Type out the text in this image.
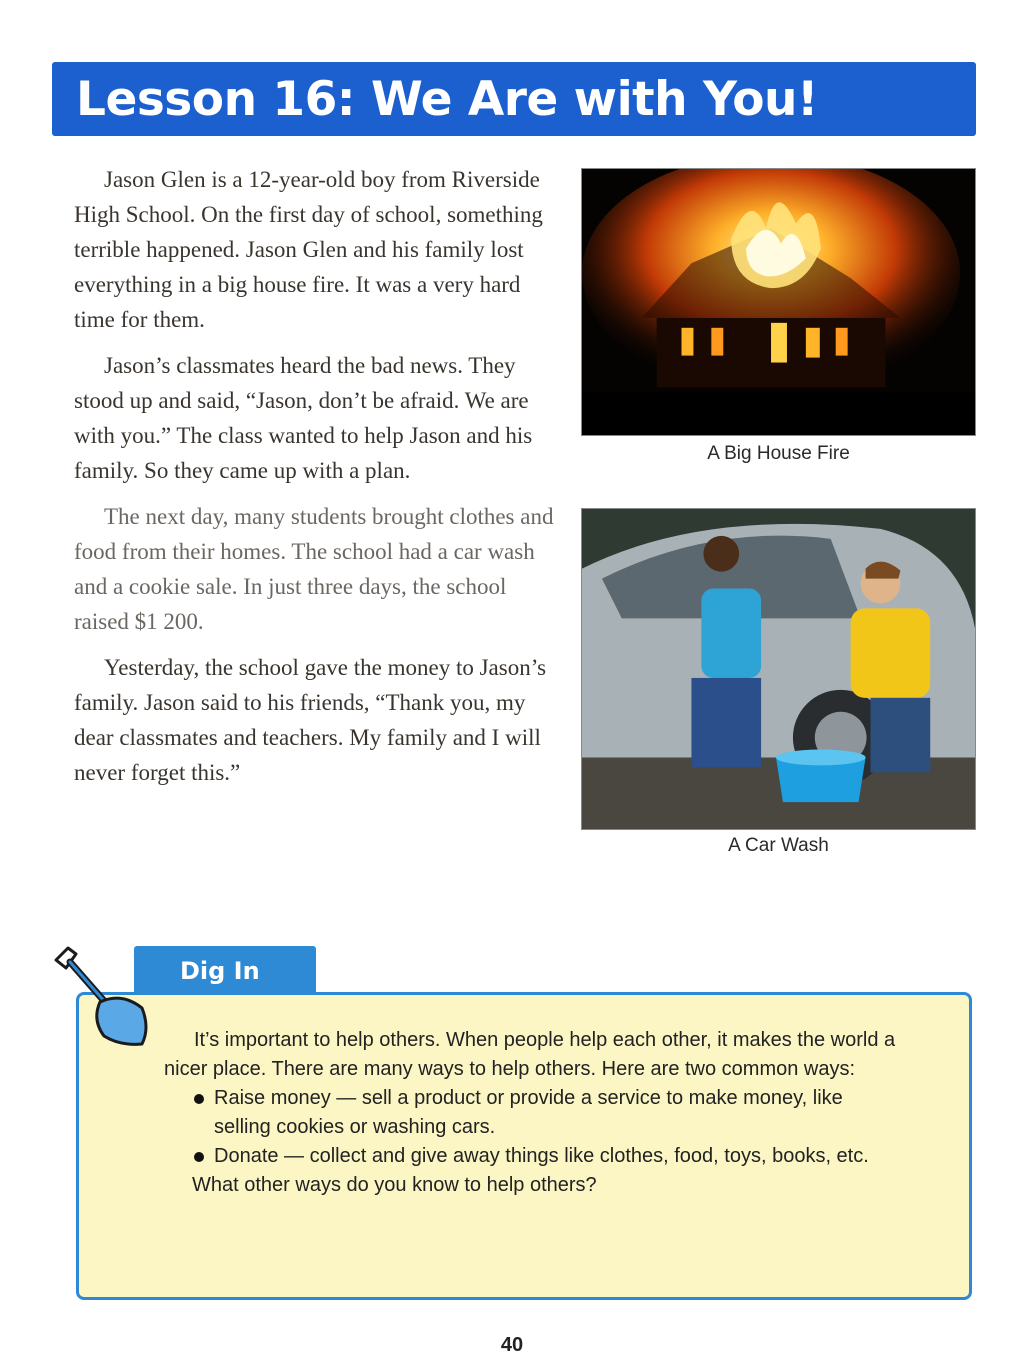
Lesson 16: We Are with You!

Jason Glen is a 12-year-old boy from Riverside High School. On the first day of school, something terrible happened. Jason Glen and his family lost everything in a big house fire. It was a very hard time for them.

Jason’s classmates heard the bad news. They stood up and said, “Jason, don’t be afraid. We are with you.” The class wanted to help Jason and his family. So they came up with a plan.

The next day, many students brought clothes and food from their homes. The school had a car wash and a cookie sale. In just three days, the school raised $1 200.

Yesterday, the school gave the money to Jason’s family. Jason said to his friends, “Thank you, my dear classmates and teachers. My family and I will never forget this.”

A Big House Fire
A Car Wash
Dig In

It’s important to help others. When people help each other, it makes the world a nicer place. There are many ways to help others. Here are two common ways:

Raise money — sell a product or provide a service to make money, like selling cookies or washing cars.
Donate — collect and give away things like clothes, food, toys, books, etc.

What other ways do you know to help others?

40
